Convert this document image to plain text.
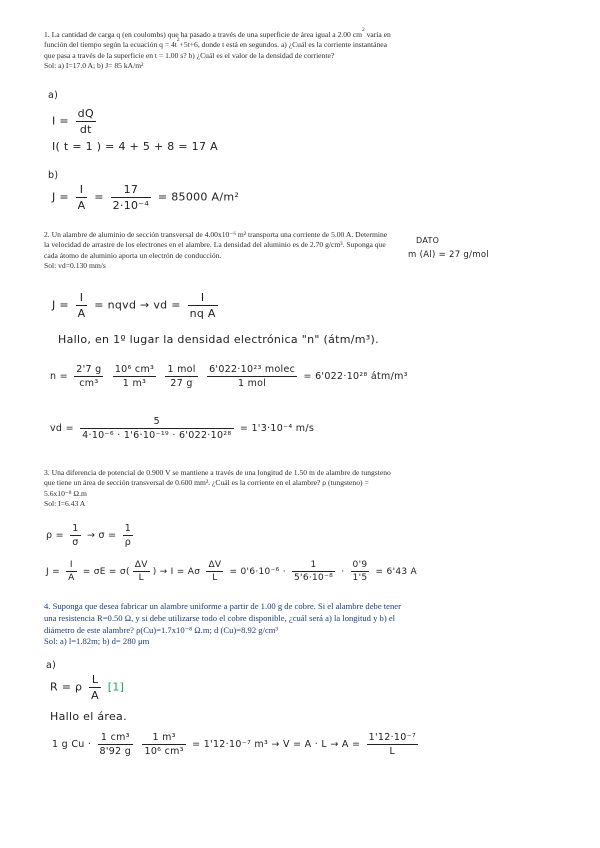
1. La cantidad de carga q (en coulombs) que ha pasado a través de una superficie de área igual a 2.00 $cm^2$ varía en función del tiempo según la ecuación $q = 4t^2+5t+6$, donde t está en segundos. a) ¿Cuál es la corriente instantánea que pasa a través de la superficie en t = 1.00 s? b) ¿Cuál es el valor de la densidad de corriente?
Sol: a) I=17.0 A; b) J= 85 kA/m²
a)
$I = \frac{dQ}{dt}$
I( t = 1 ) = 4 + 5 + 8 = 17 A
b)
$J = \frac{I}{A} = \frac{17}{\text{2·10⁻⁴}} = 85000$ A/m²
2. Un alambre de aluminio de sección transversal de 4.00x10⁻⁶ m² transporta una corriente de 5.00 A. Determine la velocidad de arrastre de los electrones en el alambre. La densidad del aluminio es de 2.70 g/cm³. Suponga que cada átomo de aluminio aporta un electrón de conducción.
Sol: vd=0.130 mm/s
DATO
m (Al) = 27 g/mol
$J = \frac{I}{A}$ = nqvd → vd = $\frac{I}{\text{nq A}}$
Hallo, en 1º lugar la densidad electrónica "n" (átm/m³).
$n = \frac{2'7 g}{\text{cm³}}$
$\frac{\text{10⁶ cm³}}{\text{1 m³}}$
$\frac{\text{1 mol}}{27 g}$
$\frac{\text{6'022·10²³ molec}}{\text{1 mol}} = 6'022\cdot 10^{28}$ átm/m³
vd = $\frac{5}{\text{4·10⁻⁶ · 1'6·10⁻¹⁹ · 6'022·10²⁸}} = 1'3\cdot 10^{-4}$ m/s
3. Una diferencia de potencial de 0.900 V se mantiene a través de una longitud de 1.50 m de alambre de tungsteno que tiene un área de sección transversal de 0.600 mm². ¿Cuál es la corriente en el alambre? ρ (tungsteno) = 5.6x10⁻⁸ Ω.m
Sol: I=6.43 A
$\rho = \frac{1}{\sigma} \to \sigma = \frac{1}{\rho}$
$J = \frac{I}{A} = \sigma E = \sigma( \frac{\Delta V}{L}$ ) → I = Aσ $\frac{\Delta V}{L} = 0'6\cdot 10^{-6} \cdot \frac{1}{\text{5'6·10⁻⁸}} \cdot \frac{0'9}{1'5} = 6'43$ A
4. Suponga que desea fabricar un alambre uniforme a partir de 1.00 g de cobre. Si el alambre debe tener una resistencia R=0.50 Ω, y si debe utilizarse todo el cobre disponible, ¿cuál será a) la longitud y b) el diámetro de este alambre? ρ(Cu)=1.7x10⁻⁸ Ω.m; d (Cu)=8.92 g/cm³
Sol: a) l=1.82m; b) d= 280 μm
a)
R = ρ $\frac{L}{A} [1]$
Hallo el área.
1 g $Cu \cdot \frac{\text{1 cm³}}{8'92 g}$
$\frac{\text{1 m³}}{\text{10⁶ cm³}} = 1'12\cdot 10^{-7}$ $m^3 \to V = A \cdot L \to A = \frac{\text{1'12·10⁻⁷}}{L}$
